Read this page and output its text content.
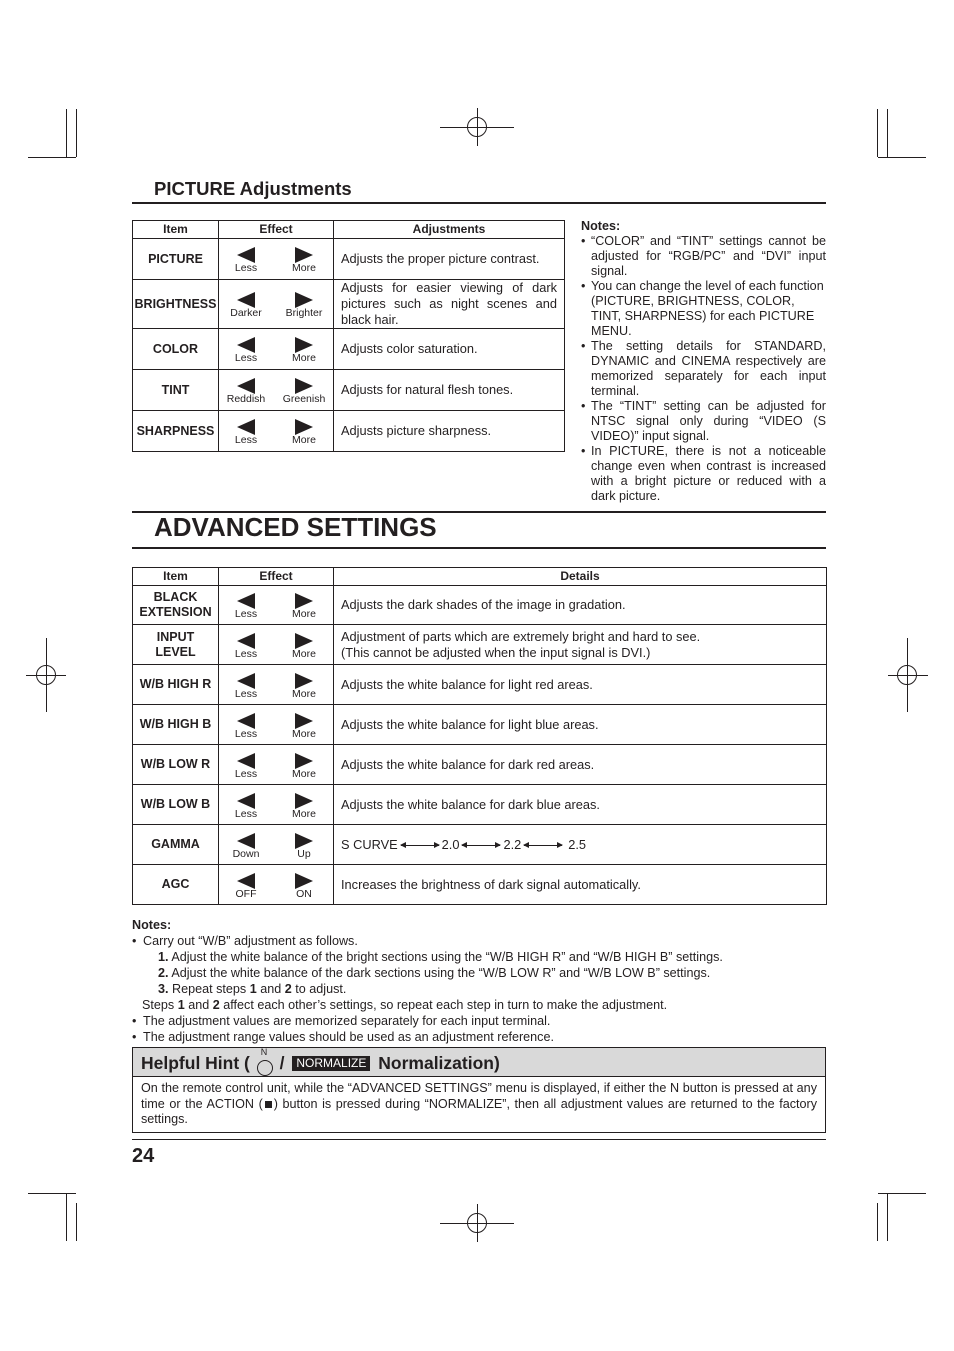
PICTURE Adjustments
Item	Effect	Adjustments
PICTURE	Less More	Adjusts the proper picture contrast.
BRIGHTNESS	Darker Brighter	Adjusts for easier viewing of dark pictures such as night scenes and black hair.
COLOR	Less More	Adjusts color saturation.
TINT	Reddish Greenish	Adjusts for natural flesh tones.
SHARPNESS	Less More	Adjusts picture sharpness.
Notes:
• “COLOR” and “TINT” settings cannot be adjusted for “RGB/PC” and “DVI” input signal.
• You can change the level of each function (PICTURE, BRIGHTNESS, COLOR, TINT, SHARPNESS) for each PICTURE MENU.
• The setting details for STANDARD, DYNAMIC and CINEMA respectively are memorized separately for each input terminal.
• The “TINT” setting can be adjusted for NTSC signal only during “VIDEO (S VIDEO)” input signal.
• In PICTURE, there is not a noticeable change even when contrast is increased with a bright picture or reduced with a dark picture.
ADVANCED SETTINGS
Item	Effect	Details
BLACK
EXTENSION	Less More	Adjusts the dark shades of the image in gradation.
INPUT
LEVEL	Less More	Adjustment of parts which are extremely bright and hard to see.
(This cannot be adjusted when the input signal is DVI.)
W/B HIGH R	Less More	Adjusts the white balance for light red areas.
W/B HIGH B	Less More	Adjusts the white balance for light blue areas.
W/B LOW R	Less More	Adjusts the white balance for dark red areas.
W/B LOW B	Less More	Adjusts the white balance for dark blue areas.
GAMMA	Down Up	S CURVE 2.0 2.2 2.5

AGC	OFF ON	Increases the brightness of dark signal automatically.
Notes:
• Carry out “W/B” adjustment as follows.
1. Adjust the white balance of the bright sections using the “W/B HIGH R” and “W/B HIGH B” settings.
2. Adjust the white balance of the dark sections using the “W/B LOW R” and “W/B LOW B” settings.
3. Repeat steps 1 and 2 to adjust.
Steps 1 and 2 affect each other’s settings, so repeat each step in turn to make the adjustment.
• The adjustment values are memorized separately for each input terminal.
• The adjustment range values should be used as an adjustment reference.
Helpful Hint (
N
/ NORMALIZE Normalization)
On the remote control unit, while the “ADVANCED SETTINGS” menu is displayed, if either the N button is pressed at any time or the ACTION ( ) button is pressed during “NORMALIZE”, then all adjustment values are returned to the factory settings.
24
